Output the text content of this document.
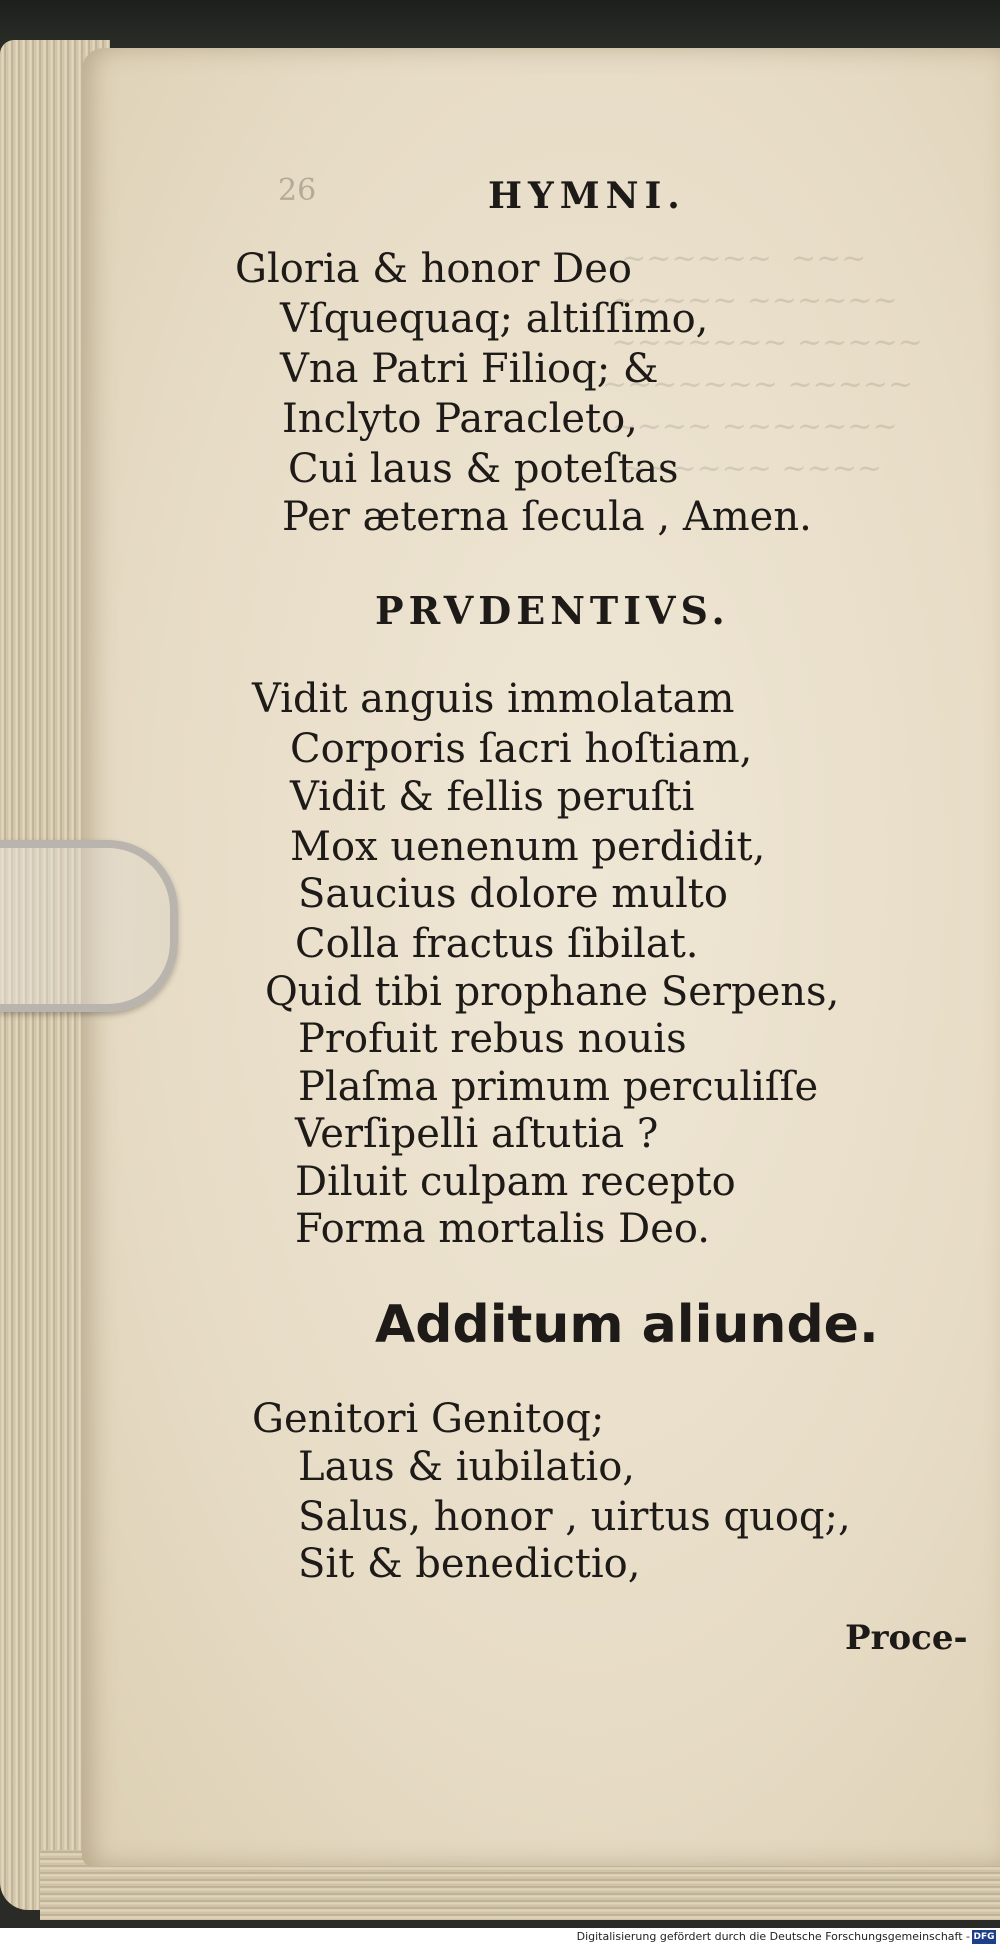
~~~~~~  ~~~
~~~~~ ~~~~~~
~~~~~~~ ~~~~~
~~~~~~~ ~~~~~
~~~~ ~~~~~~~
~~~~~~ ~~~~
26	HYMNI.
Gloria & honor Deo
Vſquequaq; altiſſimo,
Vna Patri Filioq; &
Inclyto Paracleto,
Cui laus & poteſtas
Per æterna ſecula , Amen.
PRVDENTIVS.
Vidit anguis immolatam
Corporis ſacri hoſtiam,
Vidit & fellis peruſti
Mox uenenum perdidit,
Saucius dolore multo
Colla fractus ſibilat.
Quid tibi prophane Serpens,
Profuit rebus nouis
Plaſma primum perculiſſe
Verſipelli aſtutia ?
Diluit culpam recepto
Forma mortalis Deo.
Additum aliunde.
Genitori Genitoq;
Laus & iubilatio,
Salus, honor , uirtus quoq;,
Sit & benedictio,
Proce-
Digitalisierung gefördert durch die Deutsche Forschungsgemeinschaft - DFG
